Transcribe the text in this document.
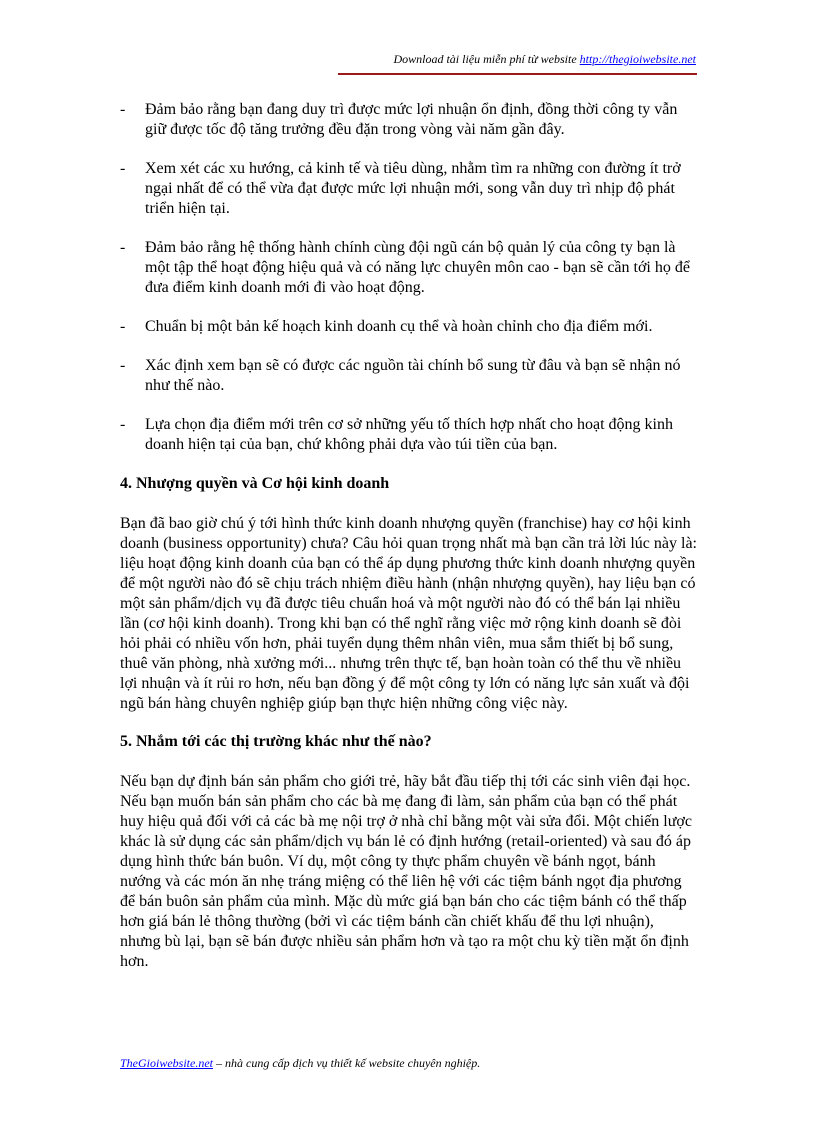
Download tài liệu miễn phí từ website http://thegioiwebsite.net
- Đảm bảo rằng bạn đang duy trì được mức lợi nhuận ổn định, đồng thời công ty vẫn giữ được tốc độ tăng trưởng đều đặn trong vòng vài năm gần đây.
- Xem xét các xu hướng, cả kinh tế và tiêu dùng, nhằm tìm ra những con đường ít trở ngại nhất để có thể vừa đạt được mức lợi nhuận mới, song vẫn duy trì nhịp độ phát triển hiện tại.
- Đảm bảo rằng hệ thống hành chính cùng đội ngũ cán bộ quản lý của công ty bạn là một tập thể hoạt động hiệu quả và có năng lực chuyên môn cao - bạn sẽ cần tới họ để đưa điểm kinh doanh mới đi vào hoạt động.
- Chuẩn bị một bản kế hoạch kinh doanh cụ thể và hoàn chỉnh cho địa điểm mới.
- Xác định xem bạn sẽ có được các nguồn tài chính bổ sung từ đâu và bạn sẽ nhận nó như thế nào.
- Lựa chọn địa điểm mới trên cơ sở những yếu tố thích hợp nhất cho hoạt động kinh doanh hiện tại của bạn, chứ không phải dựa vào túi tiền của bạn.
4. Nhượng quyền và Cơ hội kinh doanh

Bạn đã bao giờ chú ý tới hình thức kinh doanh nhượng quyền (franchise) hay cơ hội kinh doanh (business opportunity) chưa? Câu hỏi quan trọng nhất mà bạn cần trả lời lúc này là: liệu hoạt động kinh doanh của bạn có thể áp dụng phương thức kinh doanh nhượng quyền để một người nào đó sẽ chịu trách nhiệm điều hành (nhận nhượng quyền), hay liệu bạn có một sản phẩm/dịch vụ đã được tiêu chuẩn hoá và một người nào đó có thể bán lại nhiều lần (cơ hội kinh doanh). Trong khi bạn có thể nghĩ rằng việc mở rộng kinh doanh sẽ đòi hỏi phải có nhiều vốn hơn, phải tuyển dụng thêm nhân viên, mua sắm thiết bị bổ sung, thuê văn phòng, nhà xưởng mới... nhưng trên thực tế, bạn hoàn toàn có thể thu về nhiều lợi nhuận và ít rủi ro hơn, nếu bạn đồng ý để một công ty lớn có năng lực sản xuất và đội ngũ bán hàng chuyên nghiệp giúp bạn thực hiện những công việc này.

5. Nhắm tới các thị trường khác như thế nào?

Nếu bạn dự định bán sản phẩm cho giới trẻ, hãy bắt đầu tiếp thị tới các sinh viên đại học. Nếu bạn muốn bán sản phẩm cho các bà mẹ đang đi làm, sản phẩm của bạn có thể phát huy hiệu quả đối với cả các bà mẹ nội trợ ở nhà chỉ bằng một vài sửa đổi. Một chiến lược khác là sử dụng các sản phẩm/dịch vụ bán lẻ có định hướng (retail-oriented) và sau đó áp dụng hình thức bán buôn. Ví dụ, một công ty thực phẩm chuyên về bánh ngọt, bánh nướng và các món ăn nhẹ tráng miệng có thể liên hệ với các tiệm bánh ngọt địa phương để bán buôn sản phẩm của mình. Mặc dù mức giá bạn bán cho các tiệm bánh có thể thấp hơn giá bán lẻ thông thường (bởi vì các tiệm bánh cần chiết khấu để thu lợi nhuận), nhưng bù lại, bạn sẽ bán được nhiều sản phẩm hơn và tạo ra một chu kỳ tiền mặt ổn định hơn.

TheGioiwebsite.net – nhà cung cấp dịch vụ thiết kế website chuyên nghiệp.
